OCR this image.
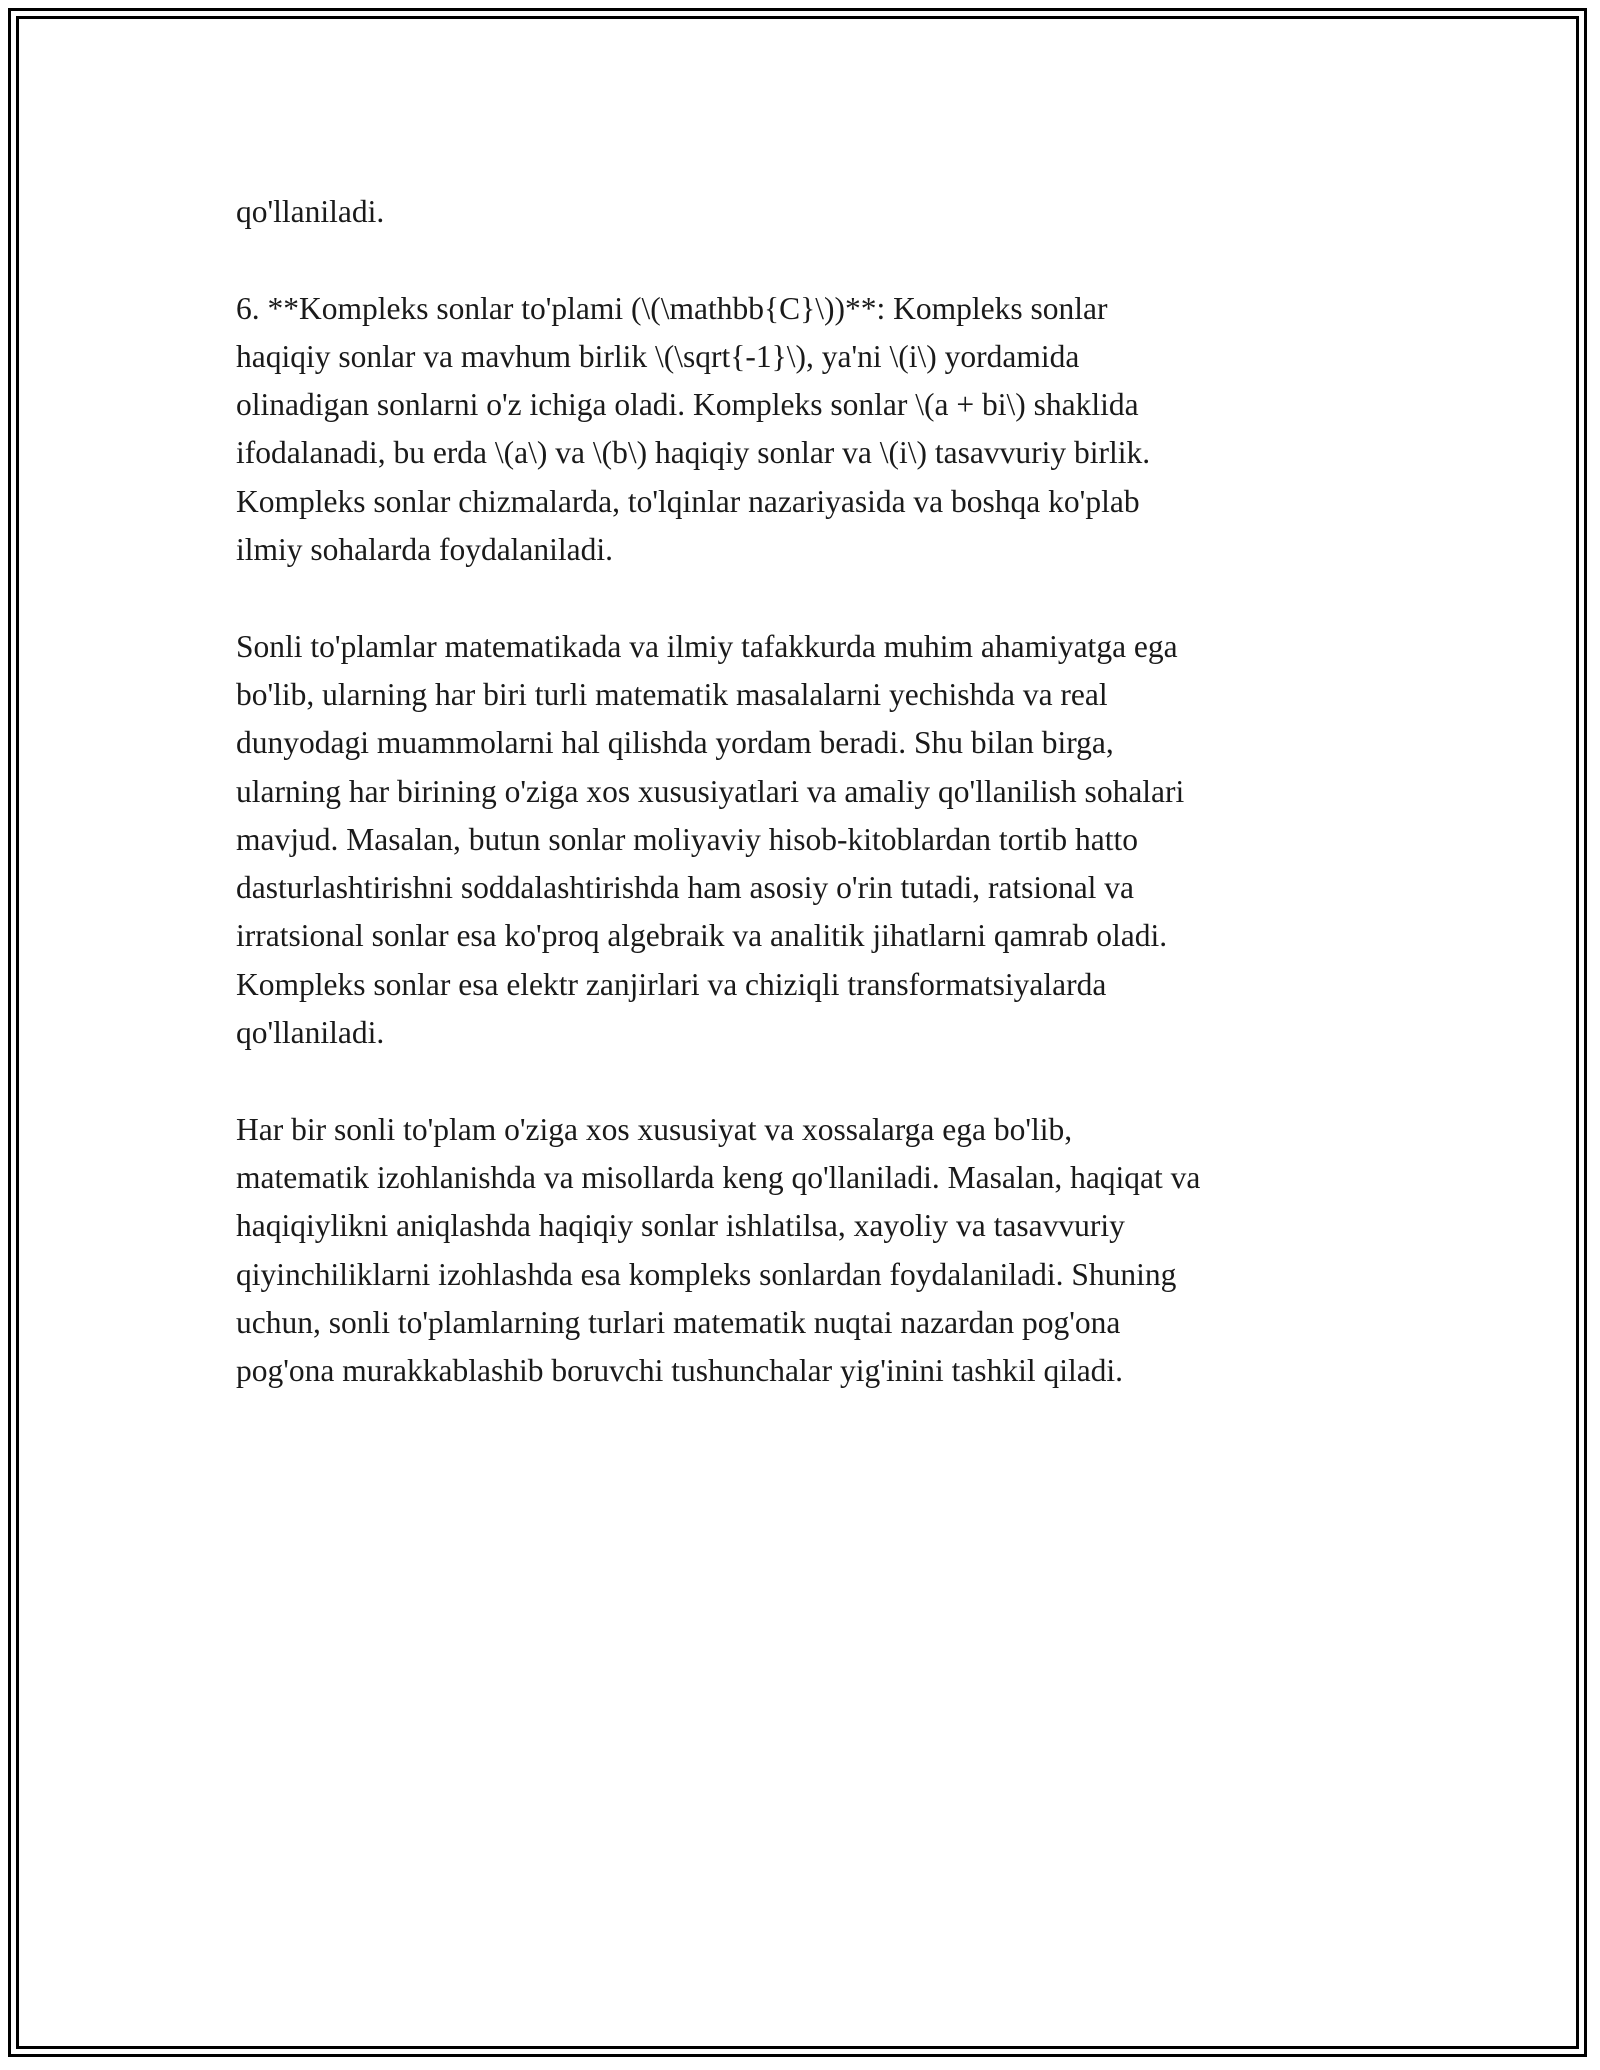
qo'llaniladi.

6. **Kompleks sonlar to'plami (\(\mathbb{C}\))**: Kompleks sonlar
haqiqiy sonlar va mavhum birlik \(\sqrt{-1}\), ya'ni \(i\) yordamida
olinadigan sonlarni o'z ichiga oladi. Kompleks sonlar \(a + bi\) shaklida
ifodalanadi, bu erda \(a\) va \(b\) haqiqiy sonlar va \(i\) tasavvuriy birlik.
Kompleks sonlar chizmalarda, to'lqinlar nazariyasida va boshqa ko'plab
ilmiy sohalarda foydalaniladi.

Sonli to'plamlar matematikada va ilmiy tafakkurda muhim ahamiyatga ega
bo'lib, ularning har biri turli matematik masalalarni yechishda va real
dunyodagi muammolarni hal qilishda yordam beradi. Shu bilan birga,
ularning har birining o'ziga xos xususiyatlari va amaliy qo'llanilish sohalari
mavjud. Masalan, butun sonlar moliyaviy hisob-kitoblardan tortib hatto
dasturlashtirishni soddalashtirishda ham asosiy o'rin tutadi, ratsional va
irratsional sonlar esa ko'proq algebraik va analitik jihatlarni qamrab oladi.
Kompleks sonlar esa elektr zanjirlari va chiziqli transformatsiyalarda
qo'llaniladi.

Har bir sonli to'plam o'ziga xos xususiyat va xossalarga ega bo'lib,
matematik izohlanishda va misollarda keng qo'llaniladi. Masalan, haqiqat va
haqiqiylikni aniqlashda haqiqiy sonlar ishlatilsa, xayoliy va tasavvuriy
qiyinchiliklarni izohlashda esa kompleks sonlardan foydalaniladi. Shuning
uchun, sonli to'plamlarning turlari matematik nuqtai nazardan pog'ona
pog'ona murakkablashib boruvchi tushunchalar yig'inini tashkil qiladi.
